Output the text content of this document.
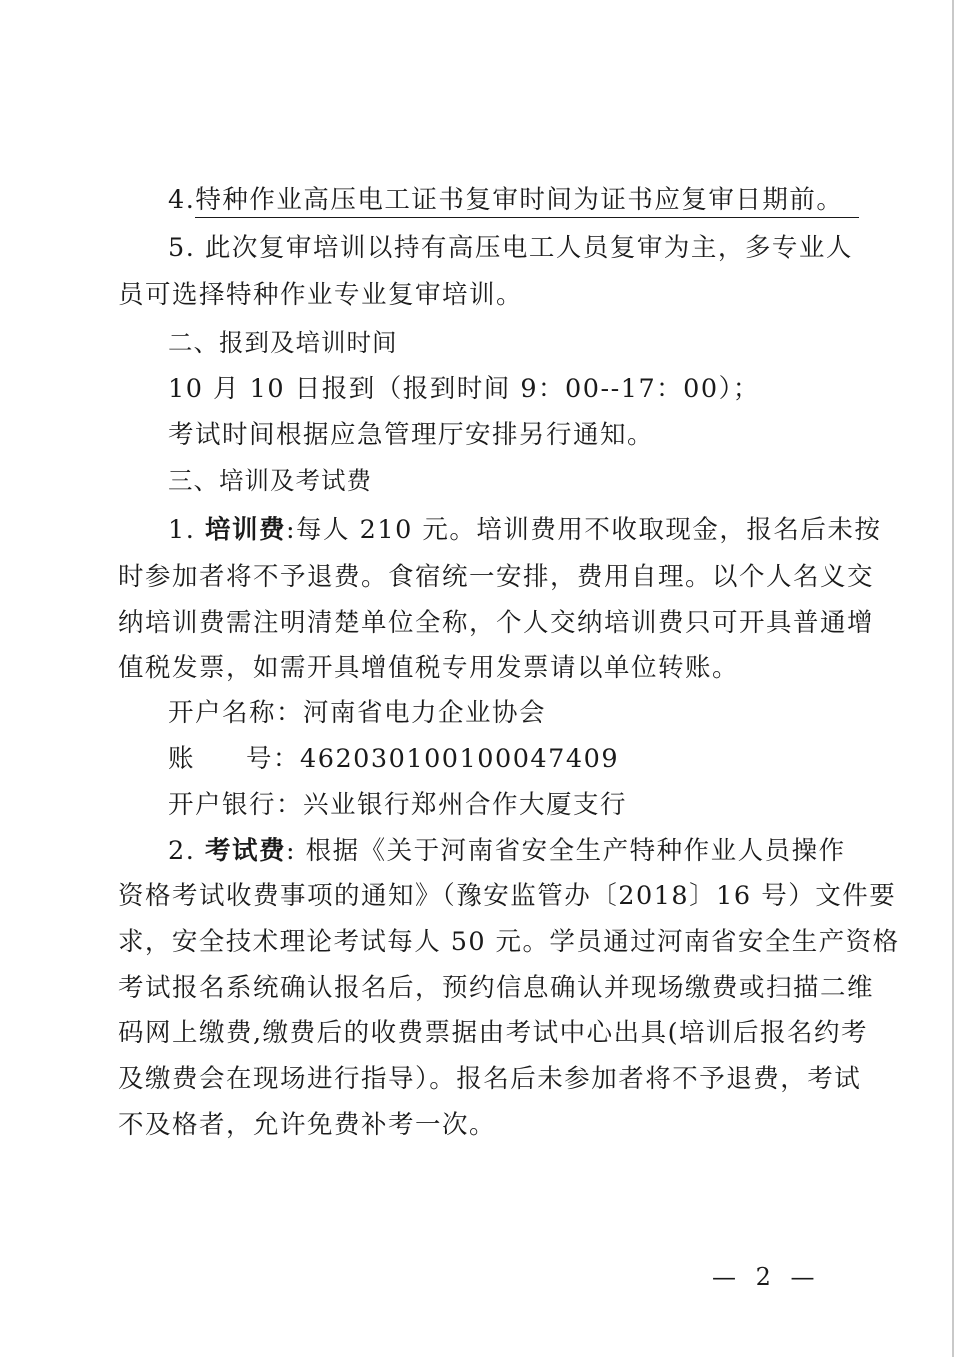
4.特种作业高压电工证书复审时间为证书应复审日期前。
5. 此次复审培训以持有高压电工人员复审为主，多专业人
员可选择特种作业专业复审培训。
二、报到及培训时间
10 月 10 日报到（报到时间 9：00--17：00）；
考试时间根据应急管理厅安排另行通知。
三、培训及考试费
1. 培训费:每人 210 元。培训费用不收取现金，报名后未按
时参加者将不予退费。食宿统一安排，费用自理。以个人名义交
纳培训费需注明清楚单位全称，个人交纳培训费只可开具普通增
值税发票，如需开具增值税专用发票请以单位转账。
开户名称：河南省电力企业协会
账 号：462030100100047409
开户银行：兴业银行郑州合作大厦支行
2. 考试费: 根据《关于河南省安全生产特种作业人员操作
资格考试收费事项的通知》（豫安监管办〔2018〕16 号）文件要
求，安全技术理论考试每人 50 元。学员通过河南省安全生产资格
考试报名系统确认报名后，预约信息确认并现场缴费或扫描二维
码网上缴费,缴费后的收费票据由考试中心出具(培训后报名约考
及缴费会在现场进行指导）。报名后未参加者将不予退费，考试
不及格者，允许免费补考一次。
— 2 —
